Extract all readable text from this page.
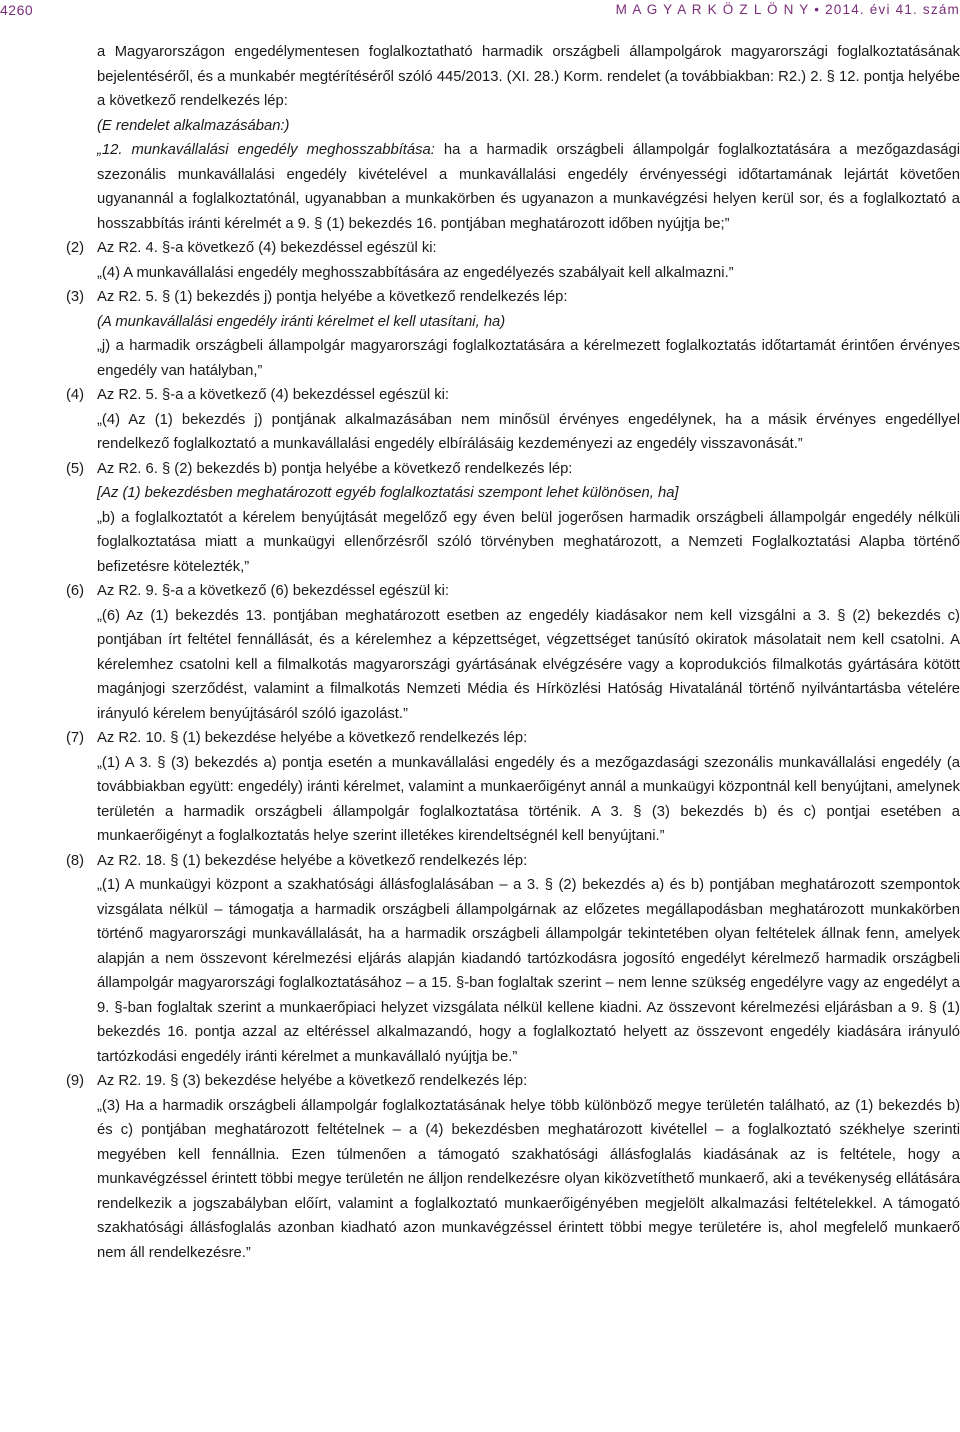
4260	M A G Y A R K Ö Z L Ö N Y • 2014. évi 41. szám

a Magyarországon engedélymentesen foglalkoztatható harmadik országbeli állampolgárok magyarországi foglalkoztatásának bejelentéséről, és a munkabér megtérítéséről szóló 445/2013. (XI. 28.) Korm. rendelet (a továbbiakban: R2.) 2. § 12. pontja helyébe a következő rendelkezés lép:

(E rendelet alkalmazásában:)

„12. munkavállalási engedély meghosszabbítása: ha a harmadik országbeli állampolgár foglalkoztatására a mezőgazdasági szezonális munkavállalási engedély kivételével a munkavállalási engedély érvényességi időtartamának lejártát követően ugyanannál a foglalkoztatónál, ugyanabban a munkakörben és ugyanazon a munkavégzési helyen kerül sor, és a foglalkoztató a hosszabbítás iránti kérelmét a 9. § (1) bekezdés 16. pontjában meghatározott időben nyújtja be;”

(2) Az R2. 4. §-a következő (4) bekezdéssel egészül ki:

„(4) A munkavállalási engedély meghosszabbítására az engedélyezés szabályait kell alkalmazni.”

(3) Az R2. 5. § (1) bekezdés j) pontja helyébe a következő rendelkezés lép:

(A munkavállalási engedély iránti kérelmet el kell utasítani, ha)

„j) a harmadik országbeli állampolgár magyarországi foglalkoztatására a kérelmezett foglalkoztatás időtartamát érintően érvényes engedély van hatályban,”

(4) Az R2. 5. §-a a következő (4) bekezdéssel egészül ki:

„(4) Az (1) bekezdés j) pontjának alkalmazásában nem minősül érvényes engedélynek, ha a másik érvényes engedéllyel rendelkező foglalkoztató a munkavállalási engedély elbírálásáig kezdeményezi az engedély visszavonását.”

(5) Az R2. 6. § (2) bekezdés b) pontja helyébe a következő rendelkezés lép:

[Az (1) bekezdésben meghatározott egyéb foglalkoztatási szempont lehet különösen, ha]

„b) a foglalkoztatót a kérelem benyújtását megelőző egy éven belül jogerősen harmadik országbeli állampolgár engedély nélküli foglalkoztatása miatt a munkaügyi ellenőrzésről szóló törvényben meghatározott, a Nemzeti Foglalkoztatási Alapba történő befizetésre kötelezték,”

(6) Az R2. 9. §-a a következő (6) bekezdéssel egészül ki:

„(6) Az (1) bekezdés 13. pontjában meghatározott esetben az engedély kiadásakor nem kell vizsgálni a 3. § (2) bekezdés c) pontjában írt feltétel fennállását, és a kérelemhez a képzettséget, végzettséget tanúsító okiratok másolatait nem kell csatolni. A kérelemhez csatolni kell a filmalkotás magyarországi gyártásának elvégzésére vagy a koprodukciós filmalkotás gyártására kötött magánjogi szerződést, valamint a filmalkotás Nemzeti Média és Hírközlési Hatóság Hivatalánál történő nyilvántartásba vételére irányuló kérelem benyújtásáról szóló igazolást.”

(7) Az R2. 10. § (1) bekezdése helyébe a következő rendelkezés lép:

„(1) A 3. § (3) bekezdés a) pontja esetén a munkavállalási engedély és a mezőgazdasági szezonális munkavállalási engedély (a továbbiakban együtt: engedély) iránti kérelmet, valamint a munkaerőigényt annál a munkaügyi központnál kell benyújtani, amelynek területén a harmadik országbeli állampolgár foglalkoztatása történik. A 3. § (3) bekezdés b) és c) pontjai esetében a munkaerőigényt a foglalkoztatás helye szerint illetékes kirendeltségnél kell benyújtani.”

(8) Az R2. 18. § (1) bekezdése helyébe a következő rendelkezés lép:

„(1) A munkaügyi központ a szakhatósági állásfoglalásában – a 3. § (2) bekezdés a) és b) pontjában meghatározott szempontok vizsgálata nélkül – támogatja a harmadik országbeli állampolgárnak az előzetes megállapodásban meghatározott munkakörben történő magyarországi munkavállalását, ha a harmadik országbeli állampolgár tekintetében olyan feltételek állnak fenn, amelyek alapján a nem összevont kérelmezési eljárás alapján kiadandó tartózkodásra jogosító engedélyt kérelmező harmadik országbeli állampolgár magyarországi foglalkoztatásához – a 15. §-ban foglaltak szerint – nem lenne szükség engedélyre vagy az engedélyt a 9. §-ban foglaltak szerint a munkaerőpiaci helyzet vizsgálata nélkül kellene kiadni. Az összevont kérelmezési eljárásban a 9. § (1) bekezdés 16. pontja azzal az eltéréssel alkalmazandó, hogy a foglalkoztató helyett az összevont engedély kiadására irányuló tartózkodási engedély iránti kérelmet a munkavállaló nyújtja be.”

(9) Az R2. 19. § (3) bekezdése helyébe a következő rendelkezés lép:

„(3) Ha a harmadik országbeli állampolgár foglalkoztatásának helye több különböző megye területén található, az (1) bekezdés b) és c) pontjában meghatározott feltételnek – a (4) bekezdésben meghatározott kivétellel – a foglalkoztató székhelye szerinti megyében kell fennállnia. Ezen túlmenően a támogató szakhatósági állásfoglalás kiadásának az is feltétele, hogy a munkavégzéssel érintett többi megye területén ne álljon rendelkezésre olyan kiközvetíthető munkaerő, aki a tevékenység ellátására rendelkezik a jogszabályban előírt, valamint a foglalkoztató munkaerőigényében megjelölt alkalmazási feltételekkel. A támogató szakhatósági állásfoglalás azonban kiadható azon munkavégzéssel érintett többi megye területére is, ahol megfelelő munkaerő nem áll rendelkezésre.”
